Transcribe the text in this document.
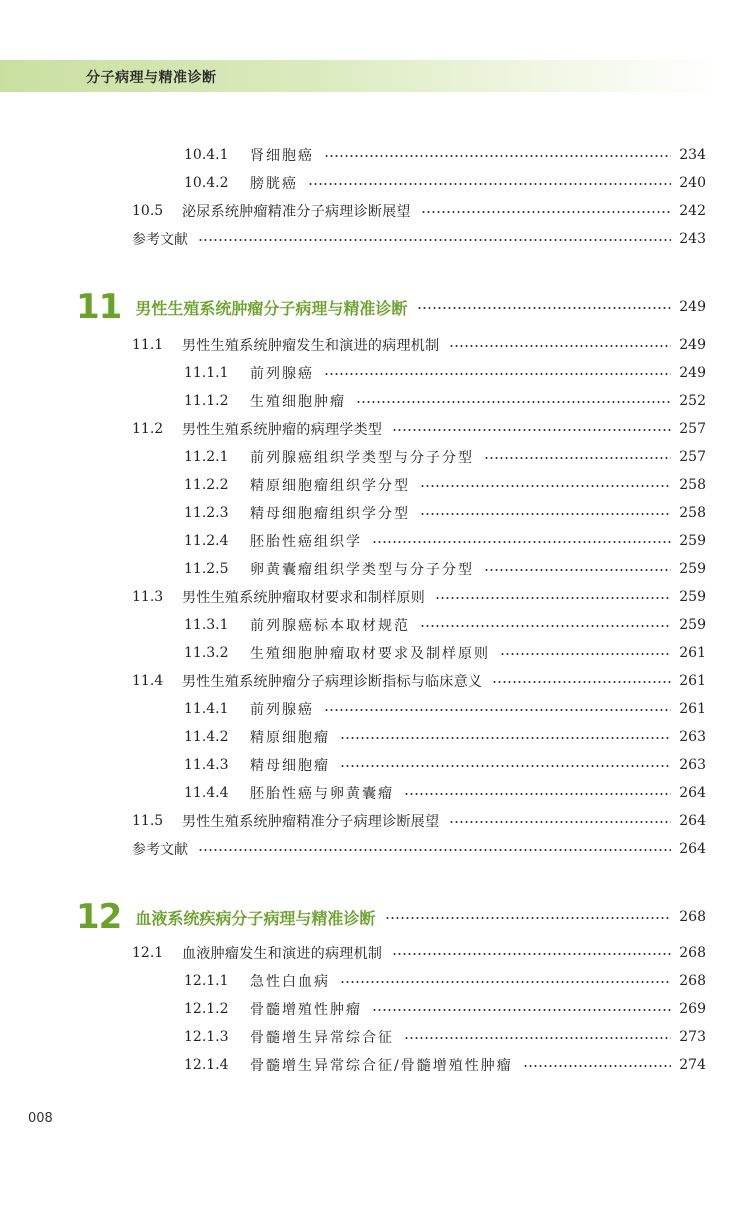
分子病理与精准诊断
10.4.1	肾细胞癌	234
10.4.2	膀胱癌	240
10.5	泌尿系统肿瘤精准分子病理诊断展望	242
参考文献	243
11 男性生殖系统肿瘤分子病理与精准诊断	249
11.1	男性生殖系统肿瘤发生和演进的病理机制	249
11.1.1	前列腺癌	249
11.1.2	生殖细胞肿瘤	252
11.2	男性生殖系统肿瘤的病理学类型	257
11.2.1	前列腺癌组织学类型与分子分型	257
11.2.2	精原细胞瘤组织学分型	258
11.2.3	精母细胞瘤组织学分型	258
11.2.4	胚胎性癌组织学	259
11.2.5	卵黄囊瘤组织学类型与分子分型	259
11.3	男性生殖系统肿瘤取材要求和制样原则	259
11.3.1	前列腺癌标本取材规范	259
11.3.2	生殖细胞肿瘤取材要求及制样原则	261
11.4	男性生殖系统肿瘤分子病理诊断指标与临床意义	261
11.4.1	前列腺癌	261
11.4.2	精原细胞瘤	263
11.4.3	精母细胞瘤	263
11.4.4	胚胎性癌与卵黄囊瘤	264
11.5	男性生殖系统肿瘤精准分子病理诊断展望	264
参考文献	264
12 血液系统疾病分子病理与精准诊断	268
12.1	血液肿瘤发生和演进的病理机制	268
12.1.1	急性白血病	268
12.1.2	骨髓增殖性肿瘤	269
12.1.3	骨髓增生异常综合征	273
12.1.4	骨髓增生异常综合征/骨髓增殖性肿瘤	274
008
